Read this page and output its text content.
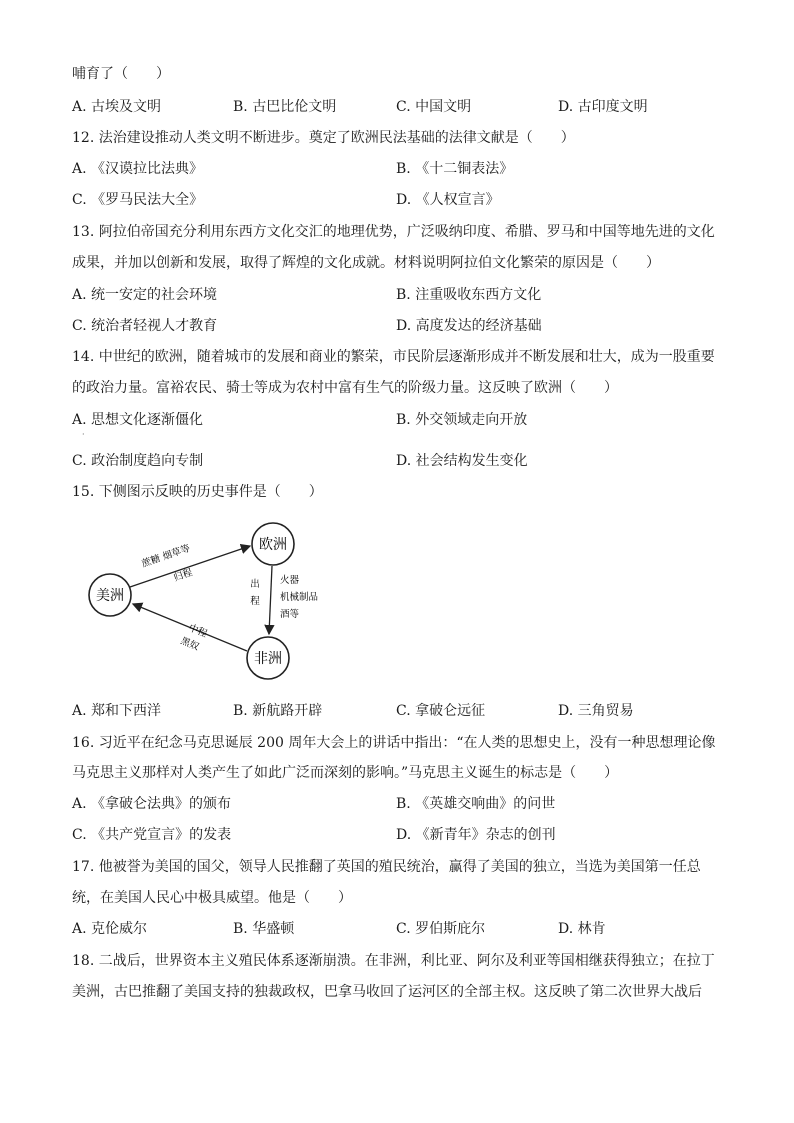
哺育了（　　）
A. 古埃及文明	B. 古巴比伦文明	C. 中国文明	D. 古印度文明
12. 法治建设推动人类文明不断进步。奠定了欧洲民法基础的法律文献是（　　）
A. 《汉谟拉比法典》	B. 《十二铜表法》
C. 《罗马民法大全》	D. 《人权宣言》
13. 阿拉伯帝国充分利用东西方文化交汇的地理优势，广泛吸纳印度、希腊、罗马和中国等地先进的文化
成果，并加以创新和发展，取得了辉煌的文化成就。材料说明阿拉伯文化繁荣的原因是（　　）
A. 统一安定的社会环境	B. 注重吸收东西方文化
C. 统治者轻视人才教育	D. 高度发达的经济基础
14. 中世纪的欧洲，随着城市的发展和商业的繁荣，市民阶层逐渐形成并不断发展和壮大，成为一股重要
的政治力量。富裕农民、骑士等成为农村中富有生气的阶级力量。这反映了欧洲（　　）
A. 思想文化逐渐僵化	B. 外交领域走向开放
·
C. 政治制度趋向专制	D. 社会结构发生变化
15. 下侧图示反映的历史事件是（　　）
欧洲
美洲
非洲
蔗糖 烟草等
归程
出
程
火器
机械制品
酒等
中程
黑奴
A. 郑和下西洋	B. 新航路开辟	C. 拿破仑远征	D. 三角贸易
16. 习近平在纪念马克思诞辰 200 周年大会上的讲话中指出：“在人类的思想史上，没有一种思想理论像
马克思主义那样对人类产生了如此广泛而深刻的影响。”马克思主义诞生的标志是（　　）
A. 《拿破仑法典》的颁布	B. 《英雄交响曲》的问世
C. 《共产党宣言》的发表	D. 《新青年》杂志的创刊
17. 他被誉为美国的国父，领导人民推翻了英国的殖民统治，赢得了美国的独立，当选为美国第一任总
统，在美国人民心中极具威望。他是（　　）
A. 克伦威尔	B. 华盛顿	C. 罗伯斯庇尔	D. 林肯
18. 二战后，世界资本主义殖民体系逐渐崩溃。在非洲，利比亚、阿尔及利亚等国相继获得独立；在拉丁
美洲，古巴推翻了美国支持的独裁政权，巴拿马收回了运河区的全部主权。这反映了第二次世界大战后
